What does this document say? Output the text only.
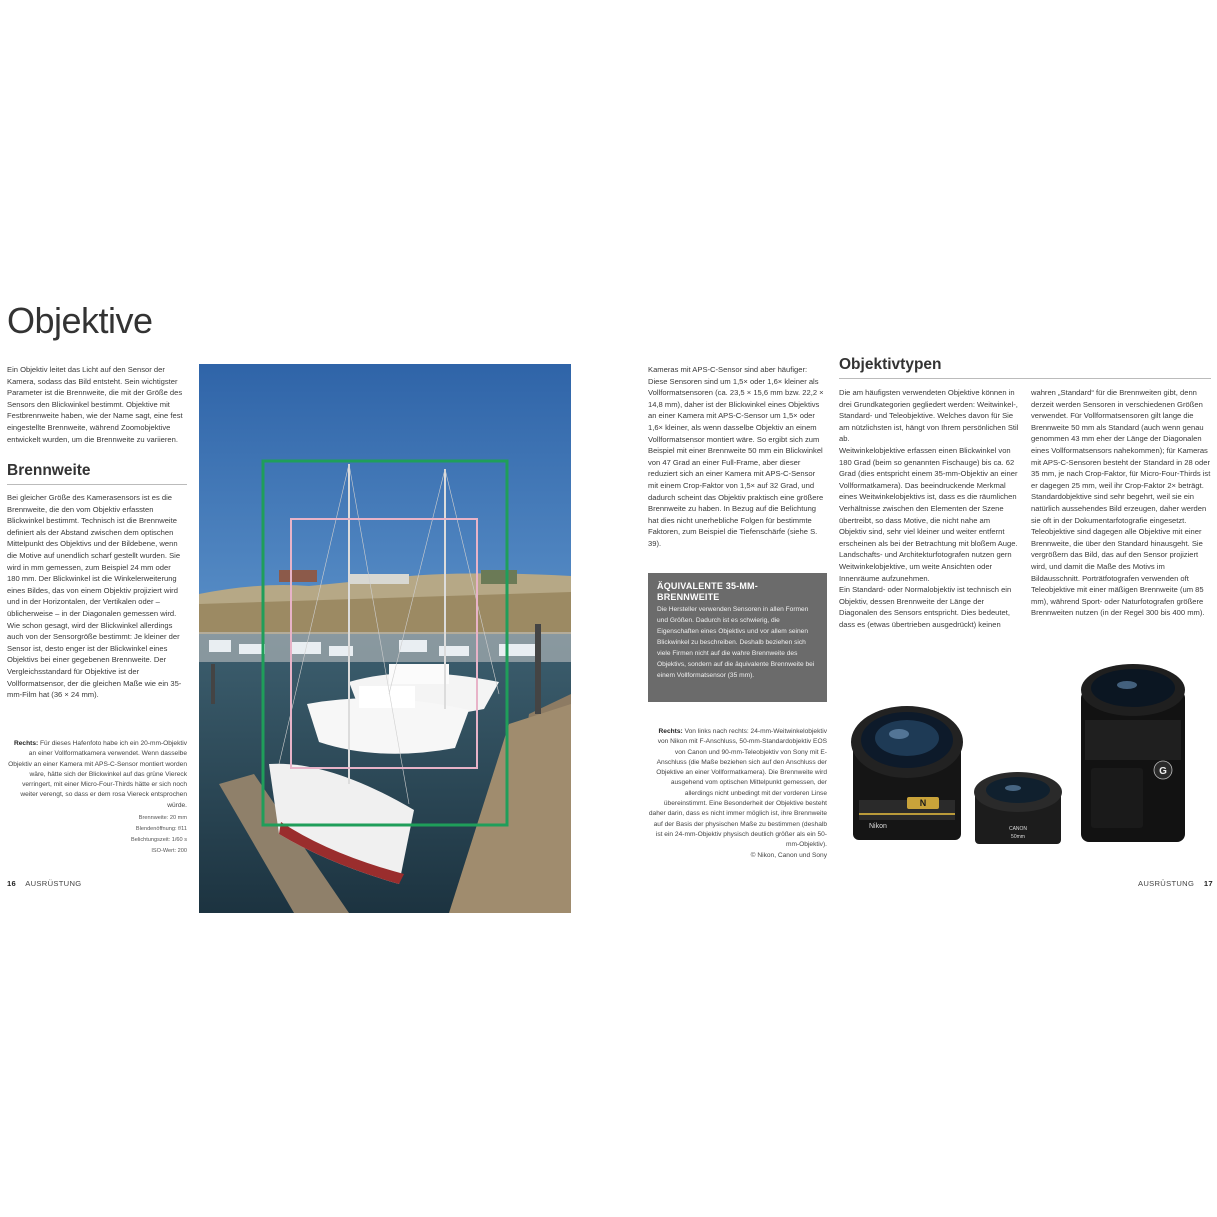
Objektive

Ein Objektiv leitet das Licht auf den Sensor der Kamera, sodass das Bild entsteht. Sein wichtigster Parameter ist die Brennweite, die mit der Größe des Sensors den Blickwinkel bestimmt. Objektive mit Festbrennweite haben, wie der Name sagt, eine fest eingestellte Brennweite, während Zoomobjektive entwickelt wurden, um die Brennweite zu variieren.

Brennweite

Bei gleicher Größe des Kamerasensors ist es die Brennweite, die den vom Objektiv erfassten Blickwinkel bestimmt. Technisch ist die Brennweite definiert als der Abstand zwischen dem optischen Mittelpunkt des Objektivs und der Bildebene, wenn die Motive auf unendlich scharf gestellt wurden. Sie wird in mm gemessen, zum Beispiel 24 mm oder 180 mm. Der Blickwinkel ist die Winkelerweiterung eines Bildes, das von einem Objektiv projiziert wird und in der Horizontalen, der Vertikalen oder – üblicherweise – in der Diagonalen gemessen wird. Wie schon gesagt, wird der Blickwinkel allerdings auch von der Sensorgröße bestimmt: Je kleiner der Sensor ist, desto enger ist der Blickwinkel eines Objektivs bei einer gegebenen Brennweite. Der Vergleichsstandard für Objektive ist der Vollformatsensor, der die gleichen Maße wie ein 35-mm-Film hat (36 × 24 mm).

Rechts: Für dieses Hafenfoto habe ich ein 20-mm-Objektiv an einer Vollformatkamera verwendet. Wenn dasselbe Objektiv an einer Kamera mit APS-C-Sensor montiert worden wäre, hätte sich der Blickwinkel auf das grüne Viereck verringert, mit einer Micro-Four-Thirds hätte er sich noch weiter verengt, so dass er dem rosa Viereck entsprochen würde.

Brennweite: 20 mm
Blendenöffnung: f/11
Belichtungszeit: 1/60 s
ISO-Wert: 200
16 AUSRÜSTUNG

Kameras mit APS-C-Sensor sind aber häufiger: Diese Sensoren sind um 1,5× oder 1,6× kleiner als Vollformatsensoren (ca. 23,5 × 15,6 mm bzw. 22,2 × 14,8 mm), daher ist der Blickwinkel eines Objektivs an einer Kamera mit APS-C-Sensor um 1,5× oder 1,6× kleiner, als wenn dasselbe Objektiv an einem Vollformatsensor montiert wäre. So ergibt sich zum Beispiel mit einer Brennweite 50 mm ein Blickwinkel von 47 Grad an einer Full-Frame, aber dieser reduziert sich an einer Kamera mit APS-C-Sensor mit einem Crop-Faktor von 1,5× auf 32 Grad, und dadurch scheint das Objektiv praktisch eine größere Brennweite zu haben. In Bezug auf die Belichtung hat dies nicht unerhebliche Folgen für bestimmte Faktoren, zum Beispiel die Tiefenschärfe (siehe S. 39).

ÄQUIVALENTE 35-MM-BRENNWEITE

Die Hersteller verwenden Sensoren in allen Formen und Größen. Dadurch ist es schwierig, die Eigenschaften eines Objektivs und vor allem seinen Blickwinkel zu beschreiben. Deshalb beziehen sich viele Firmen nicht auf die wahre Brennweite des Objektivs, sondern auf die äquivalente Brennweite bei einem Vollformatsensor (35 mm).

Objektivtypen

Die am häufigsten verwendeten Objektive können in drei Grundkategorien gegliedert werden: Weitwinkel-, Standard- und Teleobjektive. Welches davon für Sie am nützlichsten ist, hängt von Ihrem persönlichen Stil ab.

Weitwinkelobjektive erfassen einen Blickwinkel von 180 Grad (beim so genannten Fischauge) bis ca. 62 Grad (dies entspricht einem 35-mm-Objektiv an einer Vollformatkamera). Das beeindruckende Merkmal eines Weitwinkelobjektivs ist, dass es die räumlichen Verhältnisse zwischen den Elementen der Szene übertreibt, so dass Motive, die nicht nahe am Objektiv sind, sehr viel kleiner und weiter entfernt erscheinen als bei der Betrachtung mit bloßem Auge. Landschafts- und Architekturfotografen nutzen gern Weitwinkelobjektive, um weite Ansichten oder Innenräume aufzunehmen.

Ein Standard- oder Normalobjektiv ist technisch ein Objektiv, dessen Brennweite der Länge der Diagonalen des Sensors entspricht. Dies bedeutet, dass es (etwas übertrieben ausgedrückt) keinen

wahren „Standard“ für die Brennweiten gibt, denn derzeit werden Sensoren in verschiedenen Größen verwendet. Für Vollformatsensoren gilt lange die Brennweite 50 mm als Standard (auch wenn genau genommen 43 mm eher der Länge der Diagonalen eines Vollformatsensors nahekommen); für Kameras mit APS-C-Sensoren besteht der Standard in 28 oder 35 mm, je nach Crop-Faktor, für Micro-Four-Thirds ist er dagegen 25 mm, weil ihr Crop-Faktor 2× beträgt. Standardobjektive sind sehr begehrt, weil sie ein natürlich aussehendes Bild erzeugen, daher werden sie oft in der Dokumentarfotografie eingesetzt.

Teleobjektive sind dagegen alle Objektive mit einer Brennweite, die über den Standard hinausgeht. Sie vergrößern das Bild, das auf den Sensor projiziert wird, und damit die Maße des Motivs im Bildausschnitt. Porträtfotografen verwenden oft Teleobjektive mit einer mäßigen Brennweite (um 85 mm), während Sport- oder Naturfotografen größere Brennweiten nutzen (in der Regel 300 bis 400 mm).

Rechts: Von links nach rechts: 24-mm-Weitwinkelobjektiv von Nikon mit F-Anschluss, 50-mm-Standardobjektiv EOS von Canon und 90-mm-Teleobjektiv von Sony mit E-Anschluss (die Maße beziehen sich auf den Anschluss der Objektive an einer Vollformatkamera). Die Brennweite wird ausgehend vom optischen Mittelpunkt gemessen, der allerdings nicht unbedingt mit der vorderen Linse übereinstimmt. Eine Besonderheit der Objektive besteht daher darin, dass es nicht immer möglich ist, ihre Brennweite auf der Basis der physischen Maße zu bestimmen (deshalb ist ein 24-mm-Objektiv physisch deutlich größer als ein 50-mm-Objektiv).
© Nikon, Canon und Sony

N
Nikon	CANON
50mm
G
AUSRÜSTUNG 17
